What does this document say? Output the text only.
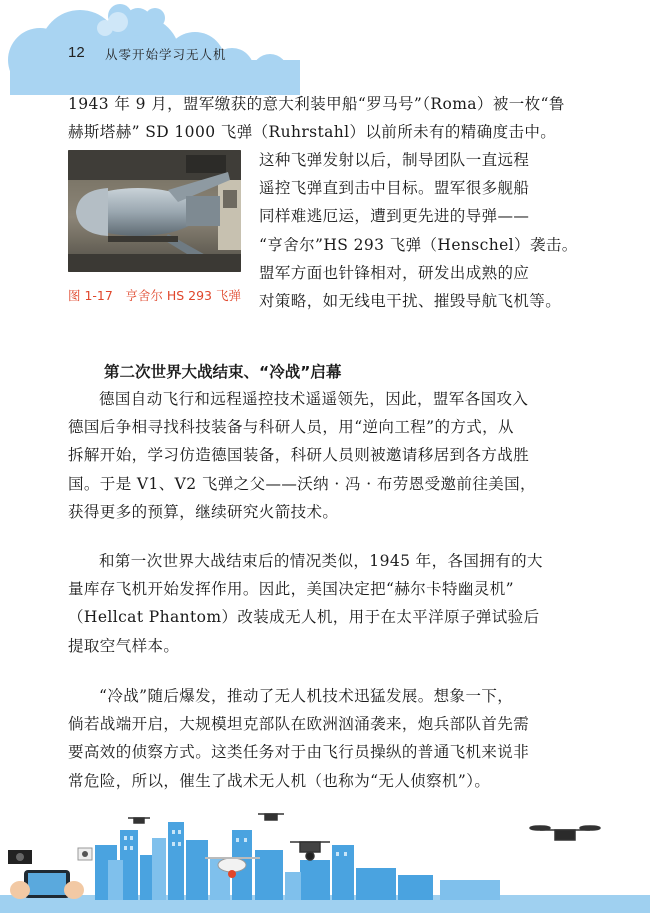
12 从零开始学习无人机
1943 年 9 月，盟军缴获的意大利装甲船“罗马号”（Roma）被一枚“鲁
赫斯塔赫” SD 1000 飞弹（Ruhrstahl）以前所未有的精确度击中。
图 1-17　亨舍尔 HS 293 飞弹
这种飞弹发射以后，制导团队一直远程
遥控飞弹直到击中目标。盟军很多舰船
同样难逃厄运，遭到更先进的导弹——
“亨舍尔”HS 293 飞弹（Henschel）袭击。
盟军方面也针锋相对，研发出成熟的应
对策略，如无线电干扰、摧毁导航飞机等。
第二次世界大战结束、“冷战”启幕
德国自动飞行和远程遥控技术遥遥领先，因此，盟军各国攻入
德国后争相寻找科技装备与科研人员，用“逆向工程”的方式，从
拆解开始，学习仿造德国装备，科研人员则被邀请移居到各方战胜
国。于是 V1、V2 飞弹之父——沃纳 · 冯 · 布劳恩受邀前往美国，
获得更多的预算，继续研究火箭技术。
和第一次世界大战结束后的情况类似，1945 年，各国拥有的大
量库存飞机开始发挥作用。因此，美国决定把“赫尔卡特幽灵机”
（Hellcat Phantom）改装成无人机，用于在太平洋原子弹试验后
提取空气样本。
“冷战”随后爆发，推动了无人机技术迅猛发展。想象一下，
倘若战端开启，大规模坦克部队在欧洲汹涌袭来，炮兵部队首先需
要高效的侦察方式。这类任务对于由飞行员操纵的普通飞机来说非
常危险，所以，催生了战术无人机（也称为“无人侦察机”）。
